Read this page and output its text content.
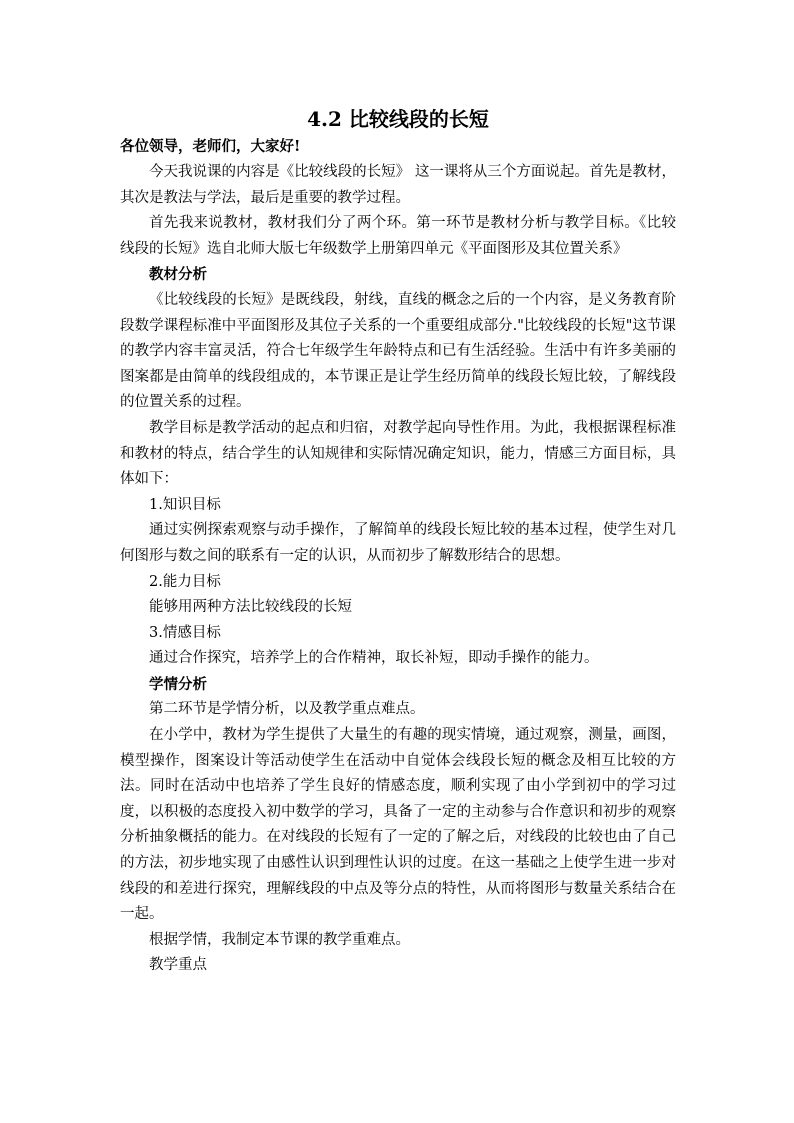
4.2 比较线段的长短

各位领导，老师们，大家好!

今天我说课的内容是《比较线段的长短》 这一课将从三个方面说起。首先是教材，其次是教法与学法，最后是重要的教学过程。

首先我来说教材，教材我们分了两个环。第一环节是教材分析与教学目标。《比较线段的长短》选自北师大版七年级数学上册第四单元《平面图形及其位置关系》

教材分析

《比较线段的长短》是既线段，射线，直线的概念之后的一个内容，是义务教育阶段数学课程标准中平面图形及其位子关系的一个重要组成部分."比较线段的长短"这节课的教学内容丰富灵活，符合七年级学生年龄特点和已有生活经验。生活中有许多美丽的图案都是由简单的线段组成的，本节课正是让学生经历简单的线段长短比较，了解线段的位置关系的过程。

教学目标是教学活动的起点和归宿，对教学起向导性作用。为此，我根据课程标准和教材的特点，结合学生的认知规律和实际情况确定知识，能力，情感三方面目标，具体如下：

1.知识目标

通过实例探索观察与动手操作，了解简单的线段长短比较的基本过程，使学生对几何图形与数之间的联系有一定的认识，从而初步了解数形结合的思想。

2.能力目标

能够用两种方法比较线段的长短

3.情感目标

通过合作探究，培养学上的合作精神，取长补短，即动手操作的能力。

学情分析

第二环节是学情分析，以及教学重点难点。

在小学中，教材为学生提供了大量生的有趣的现实情境，通过观察，测量，画图，模型操作，图案设计等活动使学生在活动中自觉体会线段长短的概念及相互比较的方法。同时在活动中也培养了学生良好的情感态度，顺利实现了由小学到初中的学习过度，以积极的态度投入初中数学的学习，具备了一定的主动参与合作意识和初步的观察分析抽象概括的能力。在对线段的长短有了一定的了解之后，对线段的比较也由了自己的方法，初步地实现了由感性认识到理性认识的过度。在这一基础之上使学生进一步对线段的和差进行探究，理解线段的中点及等分点的特性，从而将图形与数量关系结合在一起。

根据学情，我制定本节课的教学重难点。

教学重点
